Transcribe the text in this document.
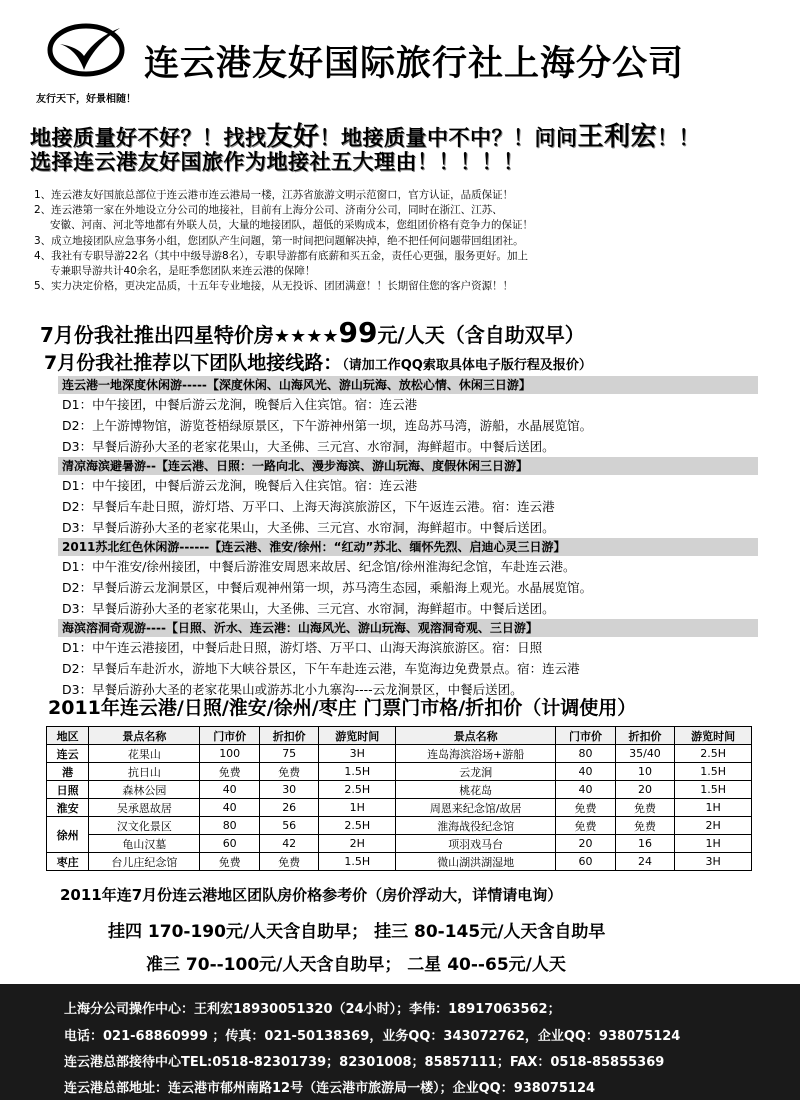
友行天下，好景相随！
连云港友好国际旅行社上海分公司
地接质量好不好？！找找友好！地接质量中不中？！问问王利宏！！
选择连云港友好国旅作为地接社五大理由！！！！！
1、连云港友好国旅总部位于连云港市连云港局一楼，江苏省旅游文明示范窗口，官方认证，品质保证！
2、连云港第一家在外地设立分公司的地接社，目前有上海分公司、济南分公司，同时在浙江、江苏、
安徽、河南、河北等地都有外联人员，大量的地接团队，超低的采购成本，您组团价格有竞争力的保证！
3、成立地接团队应急事务小组，您团队产生问题，第一时间把问题解决掉，绝不把任何问题带回组团社。
4、我社有专职导游22名（其中中级导游8名），专职导游都有底薪和买五金，责任心更强，服务更好。加上
专兼职导游共计40余名，是旺季您团队来连云港的保障！
5、实力决定价格，更决定品质，十五年专业地接，从无投诉、团团满意！！长期留住您的客户资源！！
7月份我社推出四星特价房★★★★99元/人天（含自助双早）
7月份我社推荐以下团队地接线路：（请加工作QQ索取具体电子版行程及报价）
连云港一地深度休闲游-----【深度休闲、山海风光、游山玩海、放松心情、休闲三日游】
D1：中午接团，中餐后游云龙涧，晚餐后入住宾馆。宿：连云港
D2：上午游博物馆，游览苍梧绿原景区，下午游神州第一坝，连岛苏马湾，游船，水晶展览馆。
D3：早餐后游孙大圣的老家花果山，大圣佛、三元宫、水帘洞，海鲜超市。中餐后送团。
清凉海滨避暑游--【连云港、日照：一路向北、漫步海滨、游山玩海、度假休闲三日游】
D1：中午接团，中餐后游云龙涧，晚餐后入住宾馆。宿：连云港
D2：早餐后车赴日照，游灯塔、万平口、上海天海滨旅游区，下午返连云港。宿：连云港
D3：早餐后游孙大圣的老家花果山，大圣佛、三元宫、水帘洞，海鲜超市。中餐后送团。
2011苏北红色休闲游------【连云港、淮安/徐州：“红动”苏北、缅怀先烈、启迪心灵三日游】
D1：中午淮安/徐州接团，中餐后游淮安周恩来故居、纪念馆/徐州淮海纪念馆，车赴连云港。
D2：早餐后游云龙涧景区，中餐后观神州第一坝，苏马湾生态园，乘船海上观光。水晶展览馆。
D3：早餐后游孙大圣的老家花果山，大圣佛、三元宫、水帘洞，海鲜超市。中餐后送团。
海滨溶洞奇观游----【日照、沂水、连云港：山海风光、游山玩海、观溶洞奇观、三日游】
D1：中午连云港接团，中餐后赴日照，游灯塔、万平口、山海天海滨旅游区。宿：日照
D2：早餐后车赴沂水，游地下大峡谷景区，下午车赴连云港，车览海边免费景点。宿：连云港
D3：早餐后游孙大圣的老家花果山或游苏北小九寨沟----云龙涧景区，中餐后送团。
2011年连云港/日照/淮安/徐州/枣庄 门票门市格/折扣价（计调使用）
地区	景点名称	门市价	折扣价	游览时间	景点名称	门市价	折扣价	游览时间
连云	花果山	100	75	3H	连岛海滨浴场+游船	80	35/40	2.5H
港	抗日山	免费	免费	1.5H	云龙涧	40	10	1.5H
日照	森林公园	40	30	2.5H	桃花岛	40	20	1.5H
淮安	吴承恩故居	40	26	1H	周恩来纪念馆/故居	免费	免费	1H
徐州	汉文化景区	80	56	2.5H	淮海战役纪念馆	免费	免费	2H
	龟山汉墓	60	42	2H	项羽戏马台	20	16	1H
枣庄	台儿庄纪念馆	免费	免费	1.5H	微山湖洪湖湿地	60	24	3H
2011年连7月份连云港地区团队房价格参考价（房价浮动大，详情请电询）
挂四 170-190元/人天含自助早； 挂三 80-145元/人天含自助早
准三 70--100元/人天含自助早； 二星 40--65元/人天
上海分公司操作中心：王利宏18930051320（24小时）；李伟：18917063562；
电话：021-68860999 ；传真：021-50138369，业务QQ：343072762，企业QQ：938075124
连云港总部接待中心TEL:0518-82301739；82301008；85857111；FAX：0518-85855369
连云港总部地址：连云港市郁州南路12号（连云港市旅游局一楼）；企业QQ：938075124
